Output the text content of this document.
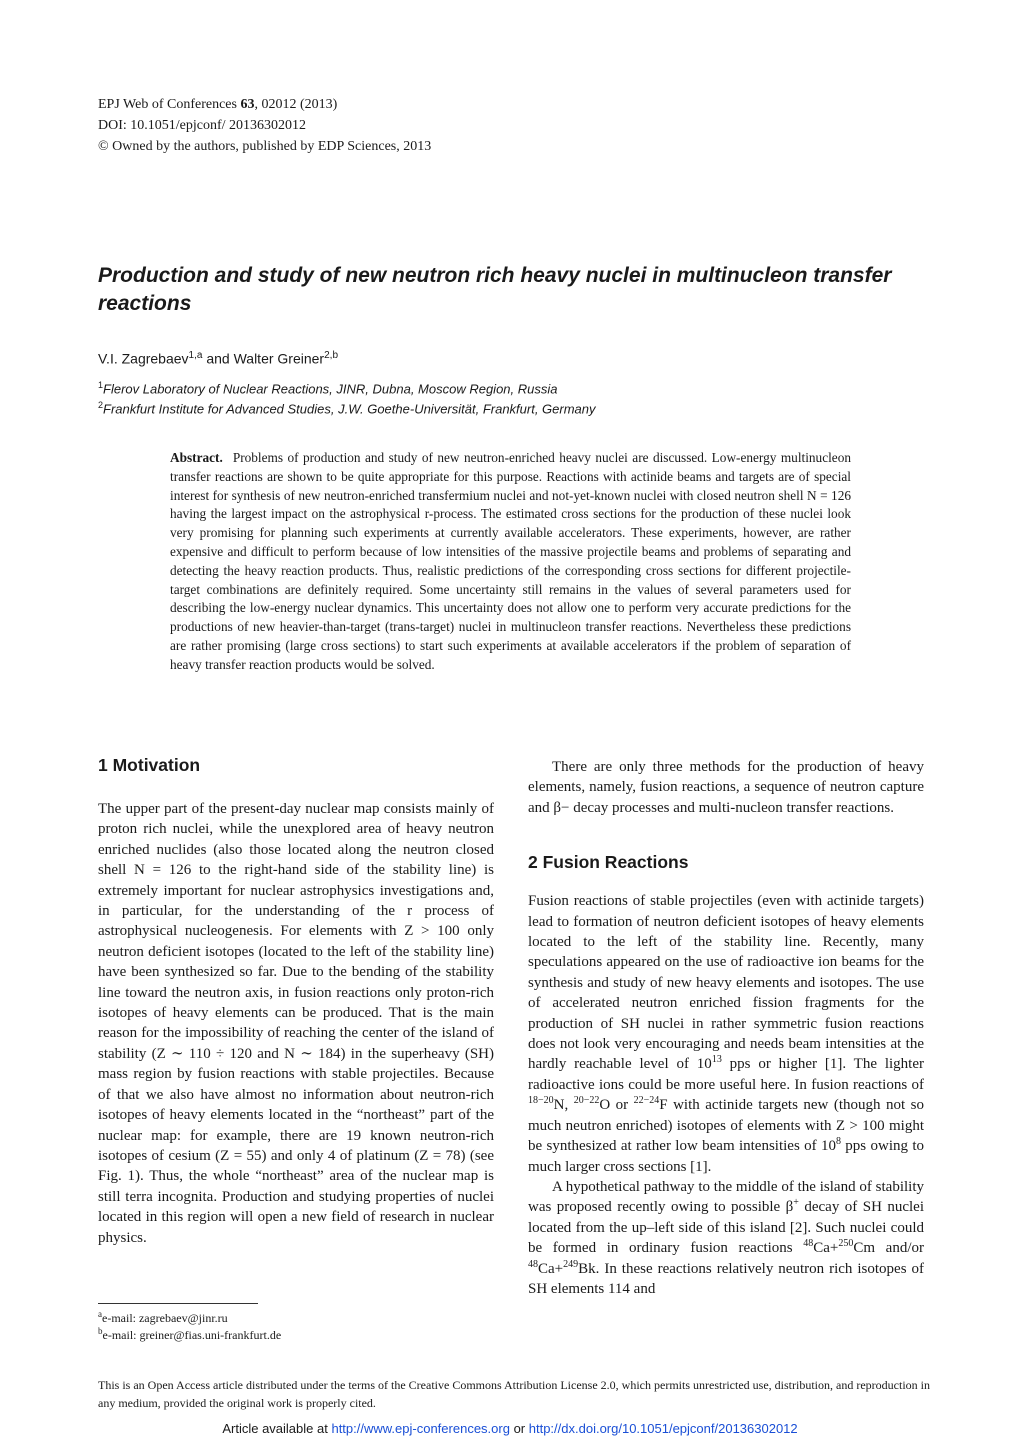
EPJ Web of Conferences 63, 02012 (2013)
DOI: 10.1051/epjconf/ 20136302012
© Owned by the authors, published by EDP Sciences, 2013
Production and study of new neutron rich heavy nuclei in multinucleon transfer reactions
V.I. Zagrebaev$^{1,a}$ and Walter Greiner$^{2,b}$
$^1$Flerov Laboratory of Nuclear Reactions, JINR, Dubna, Moscow Region, Russia
$^2$Frankfurt Institute for Advanced Studies, J.W. Goethe-Universität, Frankfurt, Germany
Abstract. Problems of production and study of new neutron-enriched heavy nuclei are discussed. Low-energy multinucleon transfer reactions are shown to be quite appropriate for this purpose. Reactions with actinide beams and targets are of special interest for synthesis of new neutron-enriched transfermium nuclei and not-yet-known nuclei with closed neutron shell N = 126 having the largest impact on the astrophysical r-process. The estimated cross sections for the production of these nuclei look very promising for planning such experiments at currently available accelerators. These experiments, however, are rather expensive and difficult to perform because of low intensities of the massive projectile beams and problems of separating and detecting the heavy reaction products. Thus, realistic predictions of the corresponding cross sections for different projectile-target combinations are definitely required. Some uncertainty still remains in the values of several parameters used for describing the low-energy nuclear dynamics. This uncertainty does not allow one to perform very accurate predictions for the productions of new heavier-than-target (trans-target) nuclei in multinucleon transfer reactions. Nevertheless these predictions are rather promising (large cross sections) to start such experiments at available accelerators if the problem of separation of heavy transfer reaction products would be solved.
1 Motivation

The upper part of the present-day nuclear map consists mainly of proton rich nuclei, while the unexplored area of heavy neutron enriched nuclides (also those located along the neutron closed shell N = 126 to the right-hand side of the stability line) is extremely important for nuclear astrophysics investigations and, in particular, for the understanding of the r process of astrophysical nucleogenesis. For elements with Z > 100 only neutron deficient isotopes (located to the left of the stability line) have been synthesized so far. Due to the bending of the stability line toward the neutron axis, in fusion reactions only proton-rich isotopes of heavy elements can be produced. That is the main reason for the impossibility of reaching the center of the island of stability (Z ∼ 110 ÷ 120 and N ∼ 184) in the superheavy (SH) mass region by fusion reactions with stable projectiles. Because of that we also have almost no information about neutron-rich isotopes of heavy elements located in the “northeast” part of the nuclear map: for example, there are 19 known neutron-rich isotopes of cesium (Z = 55) and only 4 of platinum (Z = 78) (see Fig. 1). Thus, the whole “northeast” area of the nuclear map is still terra incognita. Production and studying properties of nuclei located in this region will open a new field of research in nuclear physics.

There are only three methods for the production of heavy elements, namely, fusion reactions, a sequence of neutron capture and β− decay processes and multi-nucleon transfer reactions.

2 Fusion Reactions

Fusion reactions of stable projectiles (even with actinide targets) lead to formation of neutron deficient isotopes of heavy elements located to the left of the stability line. Recently, many speculations appeared on the use of radioactive ion beams for the synthesis and study of new heavy elements and isotopes. The use of accelerated neutron enriched fission fragments for the production of SH nuclei in rather symmetric fusion reactions does not look very encouraging and needs beam intensities at the hardly reachable level of $10^{13}$ pps or higher [1]. The lighter radioactive ions could be more useful here. In fusion reactions of $^{18-20}$N, $^{20-22}$O or $^{22-24}$F with actinide targets new (though not so much neutron enriched) isotopes of elements with Z > 100 might be synthesized at rather low beam intensities of $10^8$ pps owing to much larger cross sections [1].

A hypothetical pathway to the middle of the island of stability was proposed recently owing to possible β+ decay of SH nuclei located from the up–left side of this island [2]. Such nuclei could be formed in ordinary fusion reactions $^{48}$Ca+$^{250}$Cm and/or $^{48}$Ca+$^{249}$Bk. In these reactions relatively neutron rich isotopes of SH elements 114 and

$^a$e-mail: zagrebaev@jinr.ru
$^b$e-mail: greiner@fias.uni-frankfurt.de
This is an Open Access article distributed under the terms of the Creative Commons Attribution License 2.0, which permits unrestricted use, distribution, and reproduction in any medium, provided the original work is properly cited.
Article available at http://www.epj-conferences.org or http://dx.doi.org/10.1051/epjconf/20136302012
